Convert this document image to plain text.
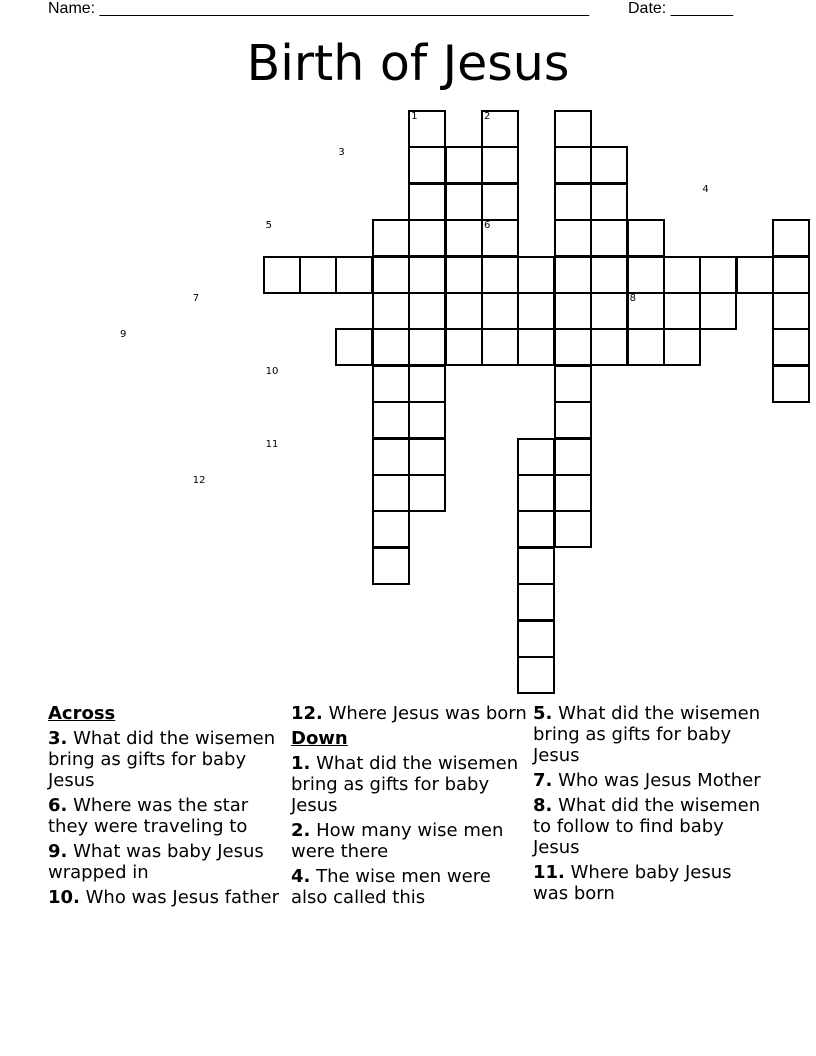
Name: _______________________________________________________ Date: _______
Birth of Jesus
1	2
3
4
5	6
7	8
9
10
11
12
Across
3. What did the wisemen bring as gifts for baby Jesus
6. Where was the star they were traveling to
9. What was baby Jesus wrapped in
10. Who was Jesus father
12. Where Jesus was born
Down
1. What did the wisemen bring as gifts for baby Jesus
2. How many wise men were there
4. The wise men were also called this
5. What did the wisemen bring as gifts for baby Jesus
7. Who was Jesus Mother
8. What did the wisemen to follow to find baby Jesus
11. Where baby Jesus was born
